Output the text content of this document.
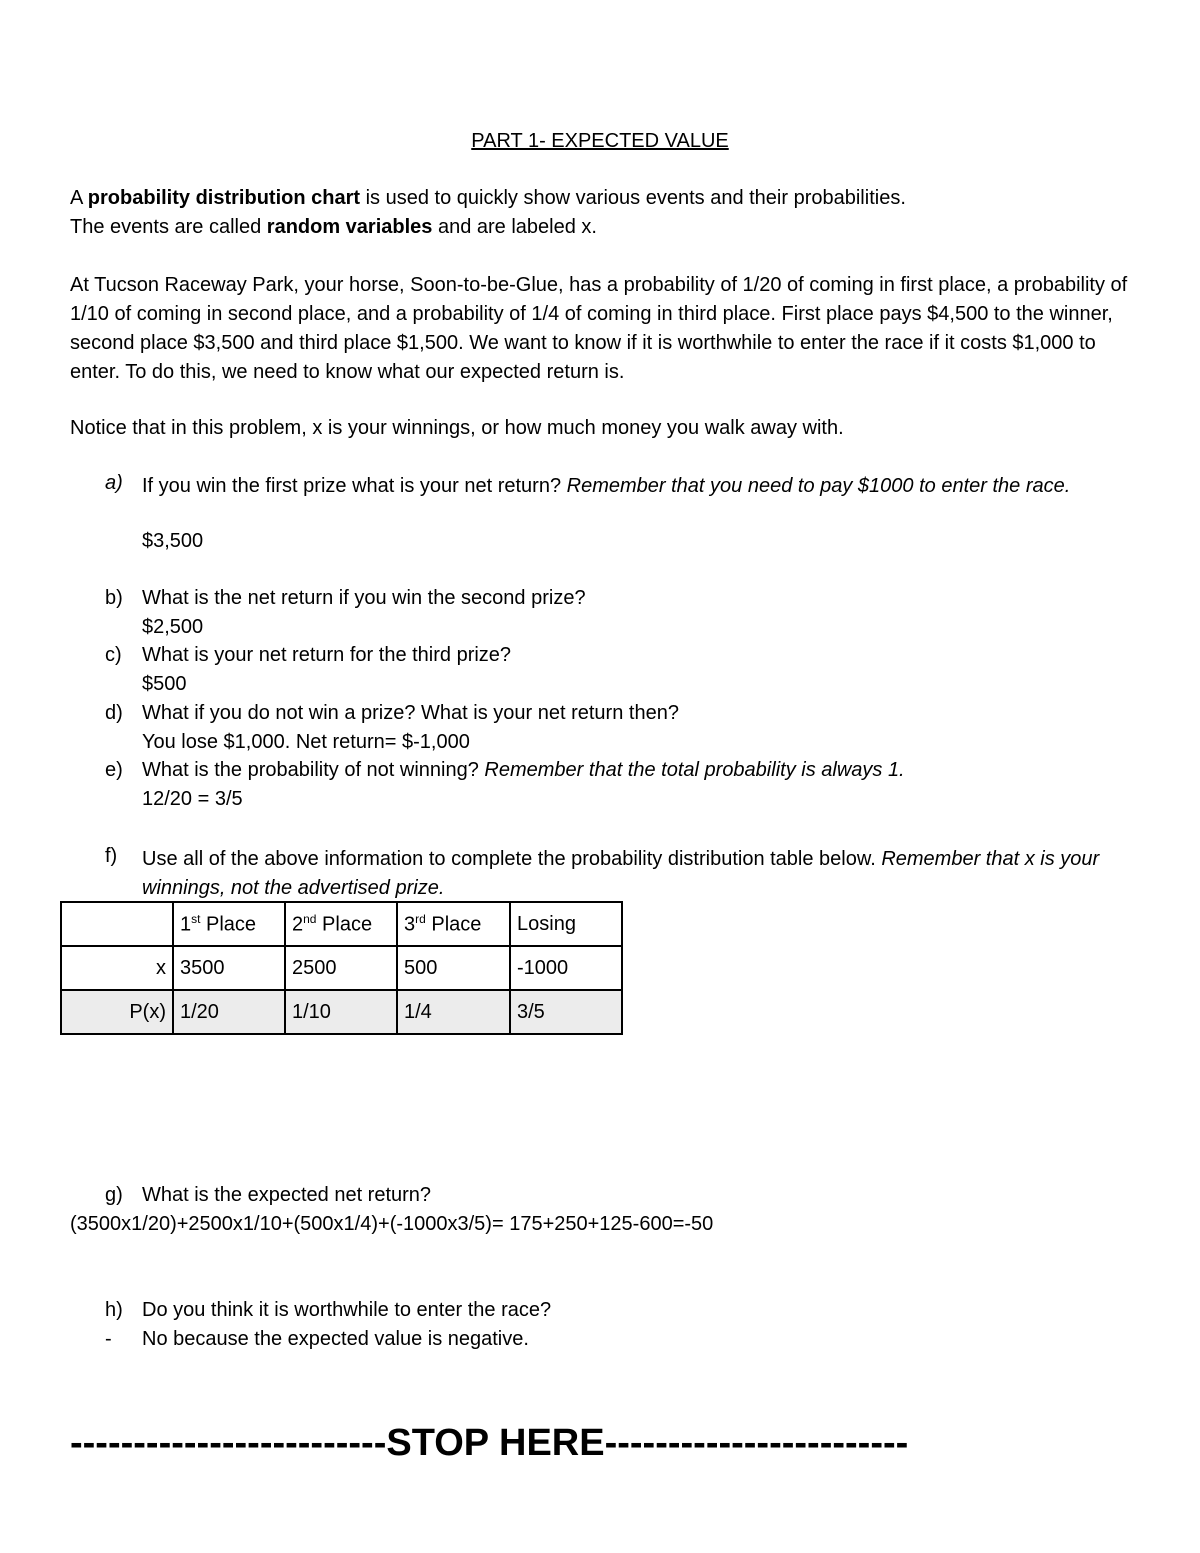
PART 1- EXPECTED VALUE

A probability distribution chart is used to quickly show various events and their probabilities.

The events are called random variables and are labeled x.

At Tucson Raceway Park, your horse, Soon-to-be-Glue, has a probability of 1/20 of coming in first place, a probability of 1/10 of coming in second place, and a probability of 1/4 of coming in third place. First place pays $4,500 to the winner, second place $3,500 and third place $1,500. We want to know if it is worthwhile to enter the race if it costs $1,000 to enter. To do this, we need to know what our expected return is.

Notice that in this problem, x is your winnings, or how much money you walk away with.

a) If you win the first prize what is your net return? Remember that you need to pay $1000 to enter the race.
$3,500
b) What is the net return if you win the second prize?
$2,500
c) What is your net return for the third prize?
$500
d) What if you do not win a prize? What is your net return then?
You lose $1,000. Net return= $-1,000
e) What is the probability of not winning? Remember that the total probability is always 1.
12/20 = 3/5
f) Use all of the above information to complete the probability distribution table below. Remember that x is your winnings, not the advertised prize.
	1st Place	2nd Place	3rd Place	Losing
x	3500	2500	500	-1000
P(x)	1/20	1/10	1/4	3/5
g) What is the expected net return?
(3500x1/20)+2500x1/10+(500x1/4)+(-1000x3/5)= 175+250+125-600=-50
h) Do you think it is worthwhile to enter the race?
- No because the expected value is negative.
-------------------------STOP HERE------------------------
